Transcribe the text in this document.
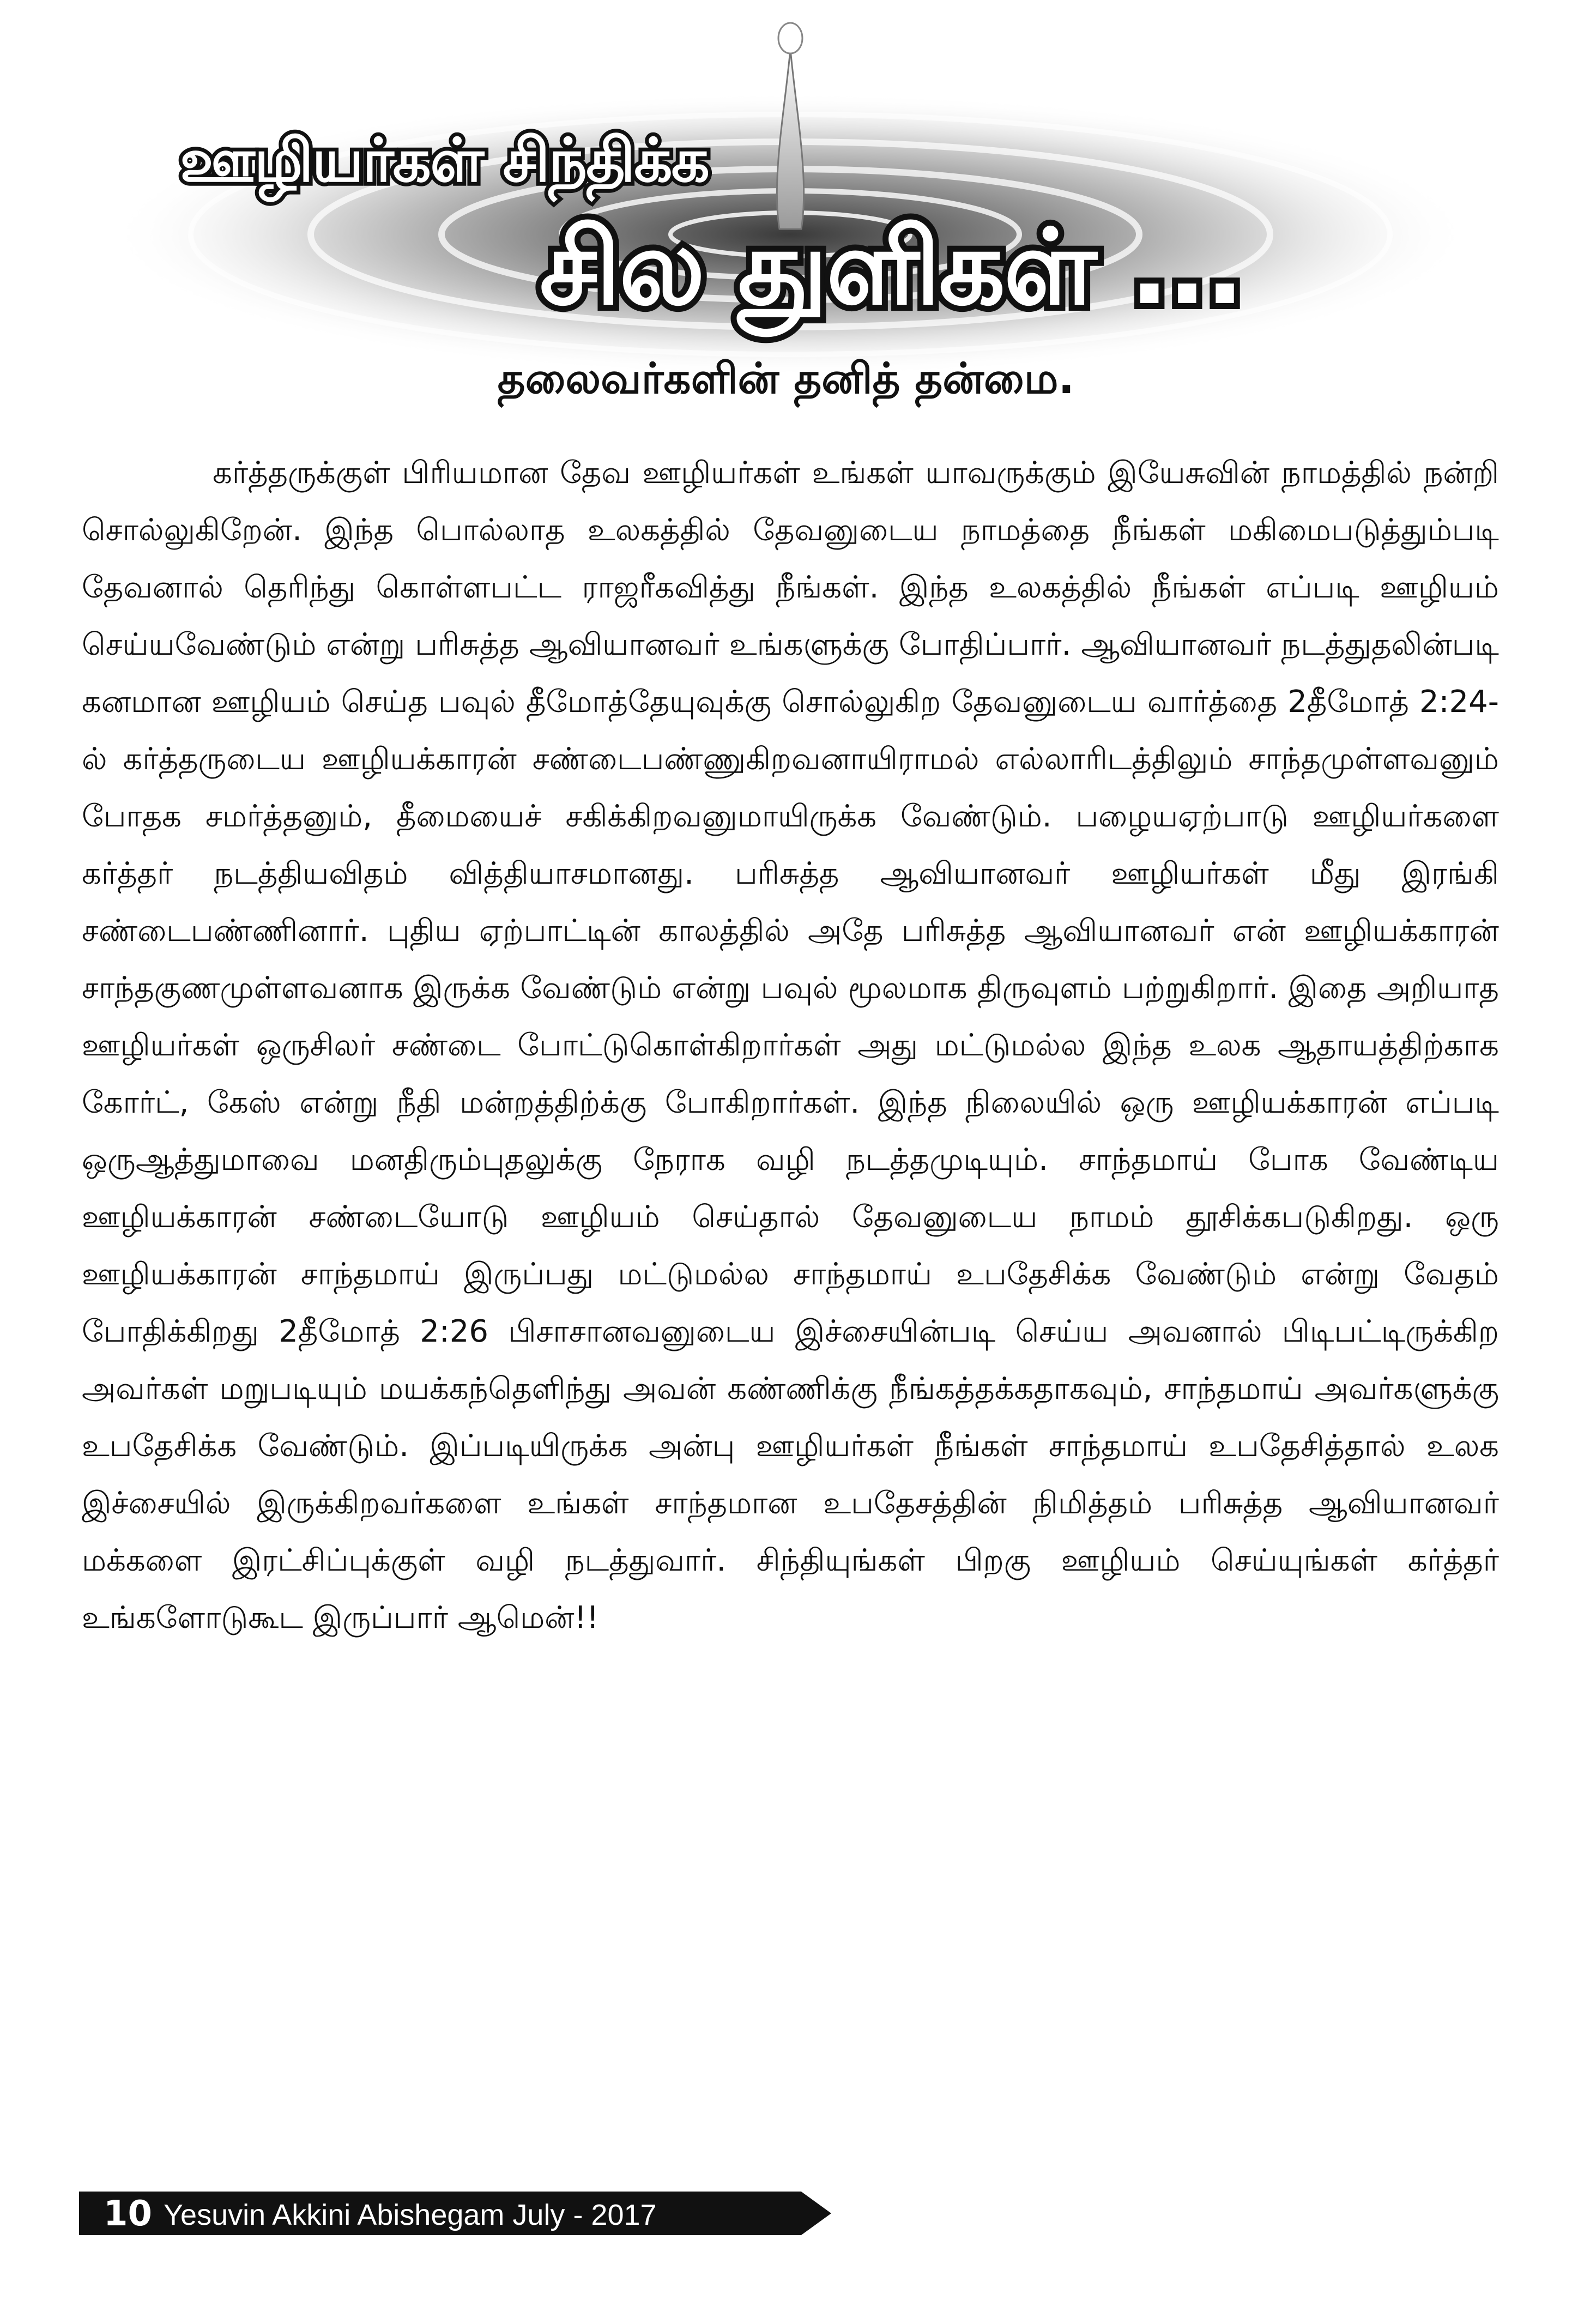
ஊழியர்கள் சிந்திக்க
சில துளிகள் ...
தலைவர்களின் தனித் தன்மை.

கர்த்தருக்குள் பிரியமான தேவ ஊழியர்கள் உங்கள் யாவருக்கும் இயேசுவின் நாமத்தில் நன்றி சொல்லுகிறேன். இந்த பொல்லாத உலகத்தில் தேவனுடைய நாமத்தை நீங்கள் மகிமைபடுத்தும்படி தேவனால் தெரிந்து கொள்ளபட்ட ராஜரீகவித்து நீங்கள். இந்த உலகத்தில் நீங்கள் எப்படி ஊழியம் செய்யவேண்டும் என்று பரிசுத்த ஆவியானவர் உங்களுக்கு போதிப்பார். ஆவியானவர் நடத்துதலின்படி கனமான ஊழியம் செய்த பவுல் தீமோத்தேயுவுக்கு சொல்லுகிற தேவனுடைய வார்த்தை 2தீமோத் 2:24-ல் கர்த்தருடைய ஊழியக்காரன் சண்டைபண்ணுகிறவனாயிராமல் எல்லாரிடத்திலும் சாந்தமுள்ளவனும் போதக சமர்த்தனும், தீமையைச் சகிக்கிறவனுமாயிருக்க வேண்டும். பழையஏற்பாடு ஊழியர்களை கர்த்தர் நடத்தியவிதம் வித்தியாசமானது. பரிசுத்த ஆவியானவர் ஊழியர்கள் மீது இரங்கி சண்டைபண்ணினார். புதிய ஏற்பாட்டின் காலத்தில் அதே பரிசுத்த ஆவியானவர் என் ஊழியக்காரன் சாந்தகுணமுள்ளவனாக இருக்க வேண்டும் என்று பவுல் மூலமாக திருவுளம் பற்றுகிறார். இதை அறியாத ஊழியர்கள் ஒருசிலர் சண்டை போட்டுகொள்கிறார்கள் அது மட்டுமல்ல இந்த உலக ஆதாயத்திற்காக கோர்ட், கேஸ் என்று நீதி மன்றத்திற்க்கு போகிறார்கள். இந்த நிலையில் ஒரு ஊழியக்காரன் எப்படி ஒருஆத்துமாவை மனதிரும்புதலுக்கு நேராக வழி நடத்தமுடியும். சாந்தமாய் போக வேண்டிய ஊழியக்காரன் சண்டையோடு ஊழியம் செய்தால் தேவனுடைய நாமம் தூசிக்கபடுகிறது. ஒரு ஊழியக்காரன் சாந்தமாய் இருப்பது மட்டுமல்ல சாந்தமாய் உபதேசிக்க வேண்டும் என்று வேதம் போதிக்கிறது 2தீமோத் 2:26 பிசாசானவனுடைய இச்சையின்படி செய்ய அவனால் பிடிபட்டிருக்கிற அவர்கள் மறுபடியும் மயக்கந்தெளிந்து அவன் கண்ணிக்கு நீங்கத்தக்கதாகவும், சாந்தமாய் அவர்களுக்கு உபதேசிக்க வேண்டும். இப்படியிருக்க அன்பு ஊழியர்கள் நீங்கள் சாந்தமாய் உபதேசித்தால் உலக இச்சையில் இருக்கிறவர்களை உங்கள் சாந்தமான உபதேசத்தின் நிமித்தம் பரிசுத்த ஆவியானவர் மக்களை இரட்சிப்புக்குள் வழி நடத்துவார். சிந்தியுங்கள் பிறகு ஊழியம் செய்யுங்கள் கர்த்தர் உங்களோடுகூட இருப்பார் ஆமென்!!

10 Yesuvin Akkini Abishegam July - 2017
